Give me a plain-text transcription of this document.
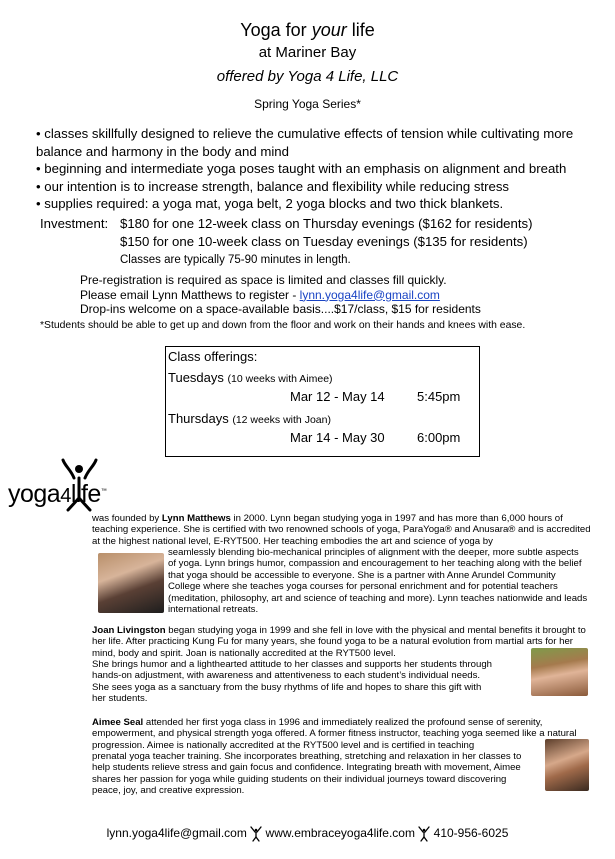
Yoga for your life
at Mariner Bay
offered by Yoga 4 Life, LLC
Spring Yoga Series*
• classes skillfully designed to relieve the cumulative effects of tension while cultivating more balance and harmony in the body and mind
• beginning and intermediate yoga poses taught with an emphasis on alignment and breath
• our intention is to increase strength, balance and flexibility while reducing stress
• supplies required: a yoga mat, yoga belt, 2 yoga blocks and two thick blankets.
Investment: $180 for one 12-week class on Thursday evenings ($162 for residents)
$150 for one 10-week class on Tuesday evenings ($135 for residents)
Classes are typically 75-90 minutes in length.
Pre-registration is required as space is limited and classes fill quickly.
Please email Lynn Matthews to register - lynn.yoga4life@gmail.com
Drop-ins welcome on a space-available basis....$17/class, $15 for residents
*Students should be able to get up and down from the floor and work on their hands and knees with ease.
Class offerings:
Tuesdays (10 weeks with Aimee)
Mar 12 - May 14 5:45pm
Thursdays (12 weeks with Joan)
Mar 14 - May 30 6:00pm
yoga4life™
was founded by Lynn Matthews in 2000. Lynn began studying yoga in 1997 and has more than 6,000 hours of teaching experience. She is certified with two renowned schools of yoga, ParaYoga® and Anusara® and is accredited at the highest national level, E-RYT500. Her teaching embodies the art and science of yoga by
seamlessly blending bio-mechanical principles of alignment with the deeper, more subtle aspects of yoga. Lynn brings humor, compassion and encouragement to her teaching along with the belief that yoga should be accessible to everyone. She is a partner with Anne Arundel Community College where she teaches yoga courses for personal enrichment and for potential teachers (meditation, philosophy, art and science of teaching and more). Lynn teaches nationwide and leads international retreats.
Joan Livingston began studying yoga in 1999 and she fell in love with the physical and mental benefits it brought to her life. After practicing Kung Fu for many years, she found yoga to be a natural evolution from martial arts for her mind, body and spirit. Joan is nationally accredited at the RYT500 level.
She brings humor and a lighthearted attitude to her classes and supports her students through hands-on adjustment, with awareness and attentiveness to each student’s individual needs. She sees yoga as a sanctuary from the busy rhythms of life and hopes to share this gift with her students.
Aimee Seal attended her first yoga class in 1996 and immediately realized the profound sense of serenity, empowerment, and physical strength yoga offered. A former fitness instructor, teaching yoga seemed like a natural progression. Aimee is nationally accredited at the RYT500 level and is certified in teaching
prenatal yoga teacher training. She incorporates breathing, stretching and relaxation in her classes to help students relieve stress and gain focus and confidence. Integrating breath with movement, Aimee shares her passion for yoga while guiding students on their individual journeys toward discovering peace, joy, and creative expression.
lynn.yoga4life@gmail.com www.embraceyoga4life.com 410-956-6025
